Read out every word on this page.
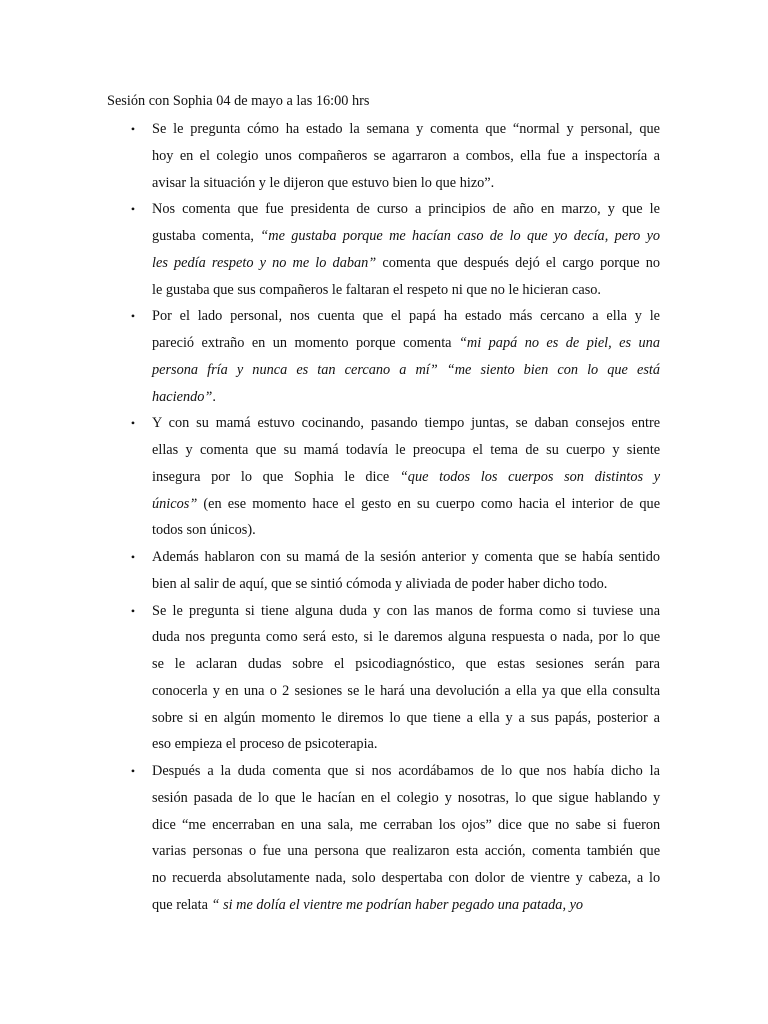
Sesión con Sophia 04 de mayo a las 16:00 hrs
• Se le pregunta cómo ha estado la semana y comenta que “normal y personal, que
hoy en el colegio unos compañeros se agarraron a combos, ella fue a inspectoría a
avisar la situación y le dijeron que estuvo bien lo que hizo”.
• Nos comenta que fue presidenta de curso a principios de año en marzo, y que le
gustaba comenta, “me gustaba porque me hacían caso de lo que yo decía, pero yo
les pedía respeto y no me lo daban” comenta que después dejó el cargo porque no
le gustaba que sus compañeros le faltaran el respeto ni que no le hicieran caso.
• Por el lado personal, nos cuenta que el papá ha estado más cercano a ella y le
pareció extraño en un momento porque comenta “mi papá no es de piel, es una
persona fría y nunca es tan cercano a mí” “me siento bien con lo que está
haciendo”.
• Y con su mamá estuvo cocinando, pasando tiempo juntas, se daban consejos entre
ellas y comenta que su mamá todavía le preocupa el tema de su cuerpo y siente
insegura por lo que Sophia le dice “que todos los cuerpos son distintos y
únicos” (en ese momento hace el gesto en su cuerpo como hacia el interior de que
todos son únicos).
• Además hablaron con su mamá de la sesión anterior y comenta que se había sentido
bien al salir de aquí, que se sintió cómoda y aliviada de poder haber dicho todo.
• Se le pregunta si tiene alguna duda y con las manos de forma como si tuviese una
duda nos pregunta como será esto, si le daremos alguna respuesta o nada, por lo que
se le aclaran dudas sobre el psicodiagnóstico, que estas sesiones serán para
conocerla y en una o 2 sesiones se le hará una devolución a ella ya que ella consulta
sobre si en algún momento le diremos lo que tiene a ella y a sus papás, posterior a
eso empieza el proceso de psicoterapia.
• Después a la duda comenta que si nos acordábamos de lo que nos había dicho la
sesión pasada de lo que le hacían en el colegio y nosotras, lo que sigue hablando y
dice “me encerraban en una sala, me cerraban los ojos” dice que no sabe si fueron
varias personas o fue una persona que realizaron esta acción, comenta también que
no recuerda absolutamente nada, solo despertaba con dolor de vientre y cabeza, a lo
que relata “ si me dolía el vientre me podrían haber pegado una patada, yo
